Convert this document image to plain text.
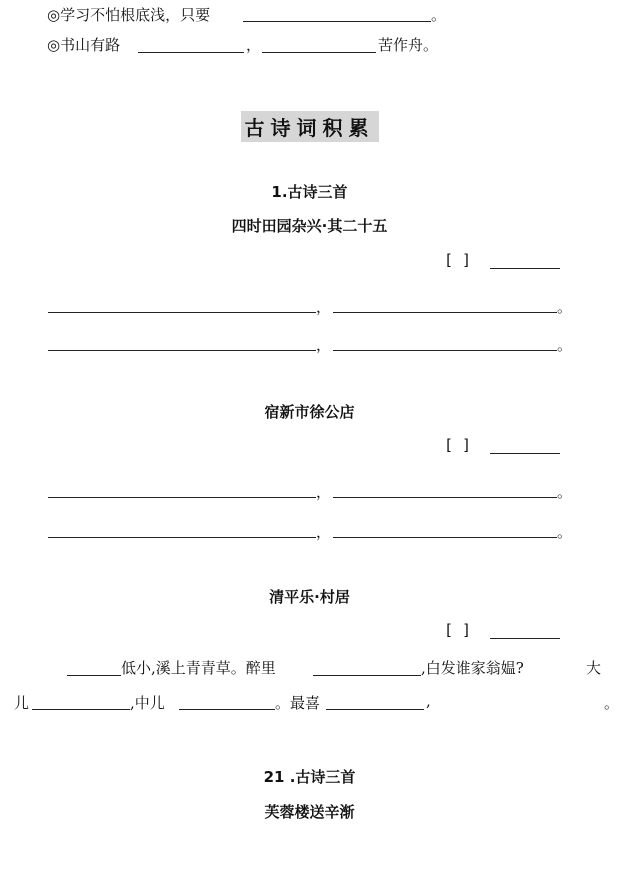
◎学习不怕根底浅，只要	。
◎书山有路	，	苦作舟。
古诗词积累
1.古诗三首
四时田园杂兴·其二十五
[ ]
，	。
，	。
宿新市徐公店
[ ]
，	。
，	。
清平乐·村居
[ ]
低小,溪上青青草。醉里	,白发谁家翁媪?	大
儿	,中儿	。最喜	,	。
21 .古诗三首
芙蓉楼送辛渐
